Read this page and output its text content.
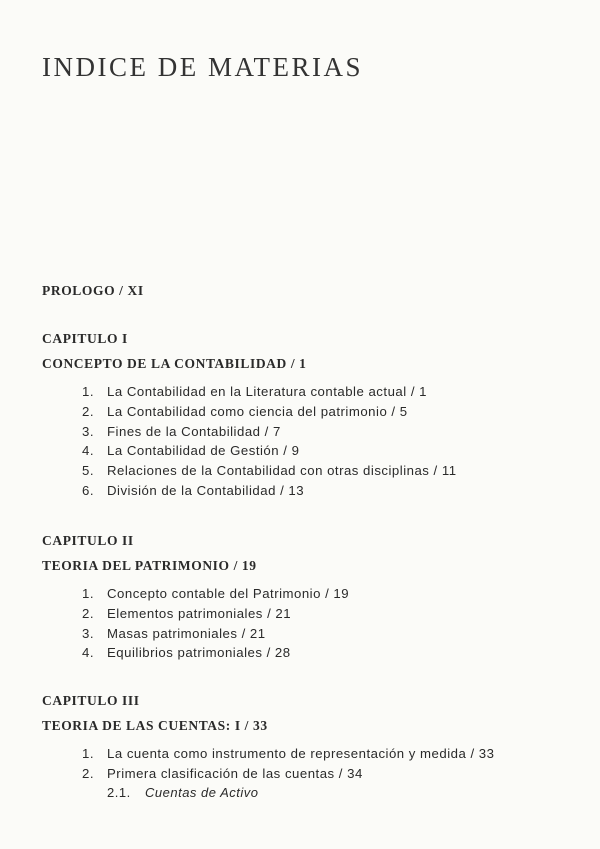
INDICE DE MATERIAS
PROLOGO / XI
CAPITULO I
CONCEPTO DE LA CONTABILIDAD / 1
1. La Contabilidad en la Literatura contable actual / 1
2. La Contabilidad como ciencia del patrimonio / 5
3. Fines de la Contabilidad / 7
4. La Contabilidad de Gestión / 9
5. Relaciones de la Contabilidad con otras disciplinas / 11
6. División de la Contabilidad / 13
CAPITULO II
TEORIA DEL PATRIMONIO / 19
1. Concepto contable del Patrimonio / 19
2. Elementos patrimoniales / 21
3. Masas patrimoniales / 21
4. Equilibrios patrimoniales / 28
CAPITULO III
TEORIA DE LAS CUENTAS: I / 33
1. La cuenta como instrumento de representación y medida / 33
2. Primera clasificación de las cuentas / 34
2.1. Cuentas de Activo
